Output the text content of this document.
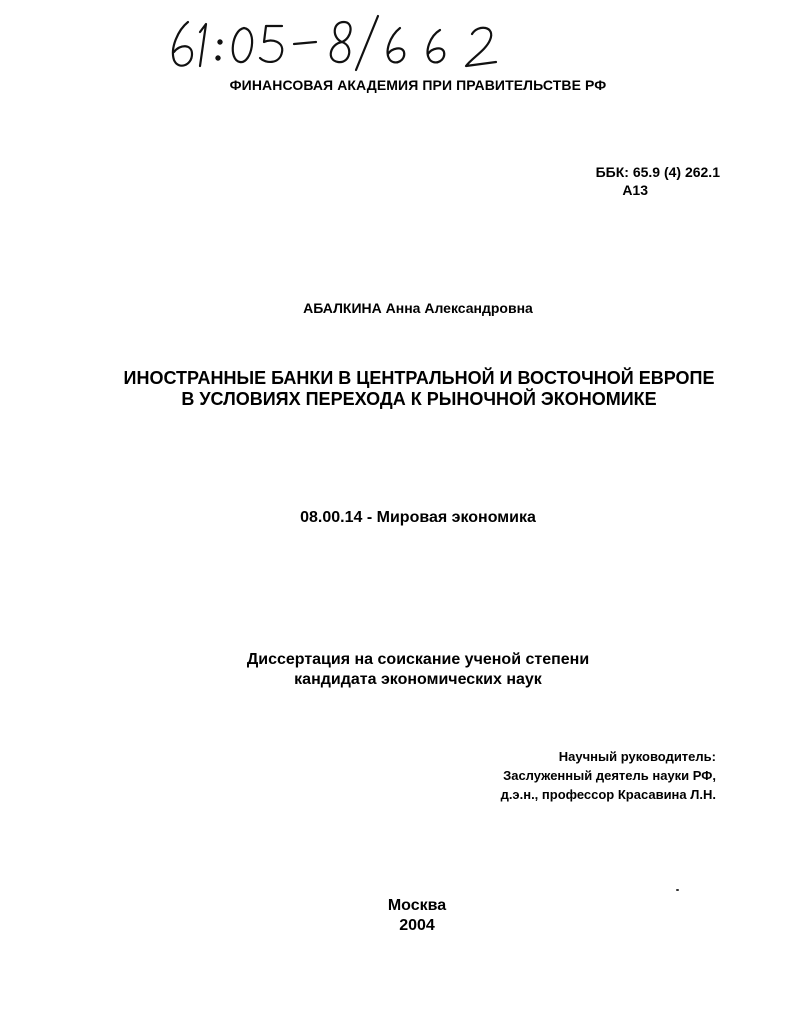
ФИНАНСОВАЯ АКАДЕМИЯ ПРИ ПРАВИТЕЛЬСТВЕ РФ
ББК: 65.9 (4) 262.1
А13
АБАЛКИНА Анна Александровна
ИНОСТРАННЫЕ БАНКИ В ЦЕНТРАЛЬНОЙ И ВОСТОЧНОЙ ЕВРОПЕ
В УСЛОВИЯХ ПЕРЕХОДА К РЫНОЧНОЙ ЭКОНОМИКЕ
08.00.14 - Мировая экономика
Диссертация на соискание ученой степени
кандидата экономических наук
Научный руководитель:
Заслуженный деятель науки РФ,
д.э.н., профессор Красавина Л.Н.
Москва
2004
